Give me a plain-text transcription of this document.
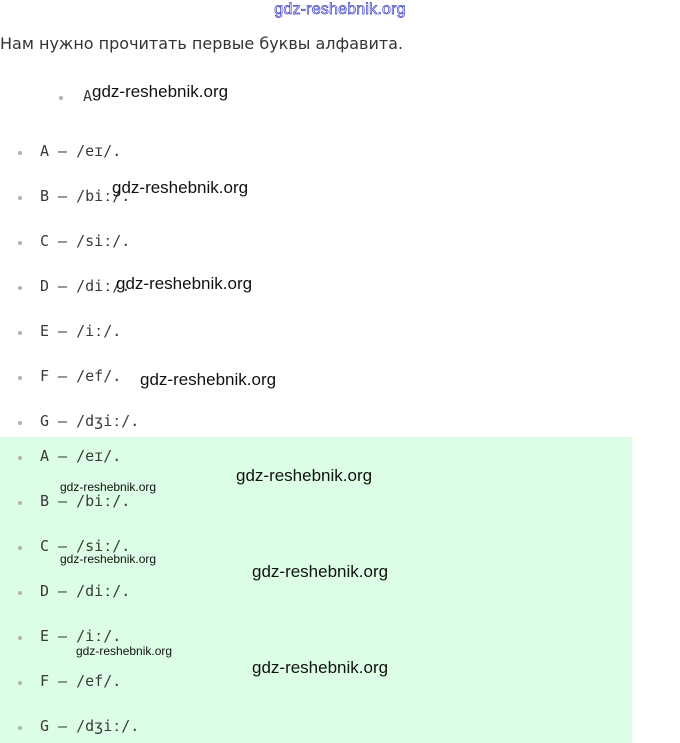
gdz-reshebnik.org
Нам нужно прочитать первые буквы алфавита.
A
A — /eɪ/.
B — /biː/.
C — /siː/.
D — /diː/.
E — /iː/.
F — /ef/.
G — /dʒiː/.
A — /eɪ/.
B — /biː/.
C — /siː/.
D — /diː/.
E — /iː/.
F — /ef/.
G — /dʒiː/.
gdz-reshebnik.org
gdz-reshebnik.org
gdz-reshebnik.org
gdz-reshebnik.org
gdz-reshebnik.org
gdz-reshebnik.org
gdz-reshebnik.org
gdz-reshebnik.org
gdz-reshebnik.org
gdz-reshebnik.org
